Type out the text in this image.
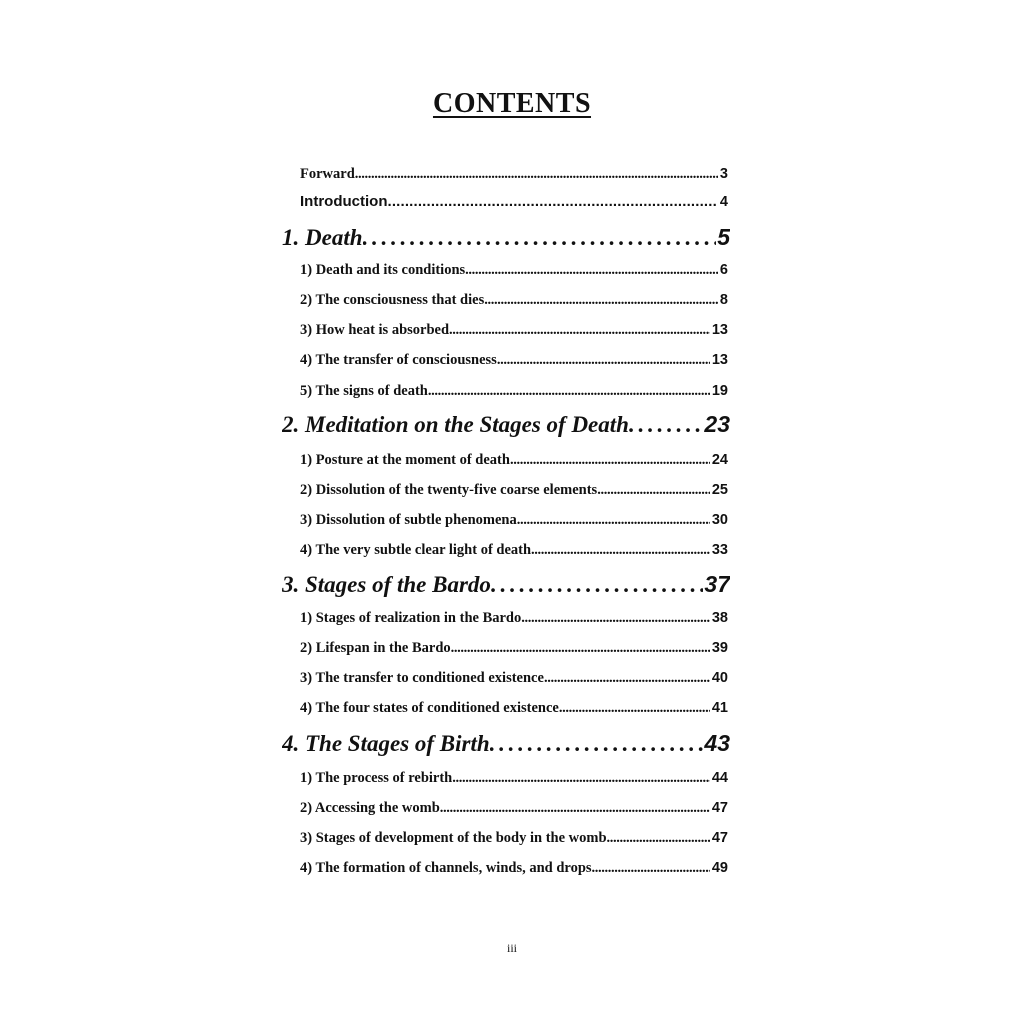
CONTENTS
Forward . . .	3
Introduction . . .	4
1. Death . . .	5
1) Death and its conditions . . .	6
2) The consciousness that dies . . .	8
3) How heat is absorbed . . .	13
4) The transfer of consciousness . . .	13
5) The signs of death . . .	19
2. Meditation on the Stages of Death . . .	23
1) Posture at the moment of death . . .	24
2) Dissolution of the twenty-five coarse elements . . .	25
3) Dissolution of subtle phenomena . . .	30
4) The very subtle clear light of death . . .	33
3. Stages of the Bardo . . .	37
1) Stages of realization in the Bardo . . .	38
2) Lifespan in the Bardo . . .	39
3) The transfer to conditioned existence . . .	40
4) The four states of conditioned existence . . .	41
4. The Stages of Birth . . .	43
1) The process of rebirth . . .	44
2) Accessing the womb . . .	47
3) Stages of development of the body in the womb . . .	47
4) The formation of channels, winds, and drops . . .	49
iii
